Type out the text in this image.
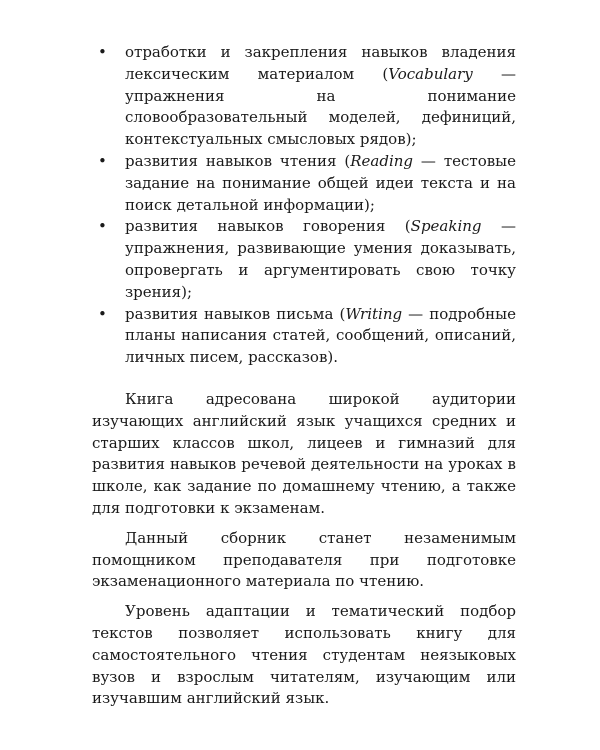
• отработки и закрепления навыков владения лексическим материалом (Vocabulary — упражнения на понимание словообразовательный моделей, дефиниций, контекстуальных смысловых рядов);
• развития навыков чтения (Reading — тестовые задание на понимание общей идеи текста и на поиск детальной информации);
• развития навыков говорения (Speaking — упражнения, развивающие умения доказывать, опровергать и аргументировать свою точку зрения);
• развития навыков письма (Writing — подробные планы написания статей, сообщений, описаний, личных писем, рассказов).

Книга адресована широкой аудитории изучающих английский язык учащихся средних и старших классов школ, лицеев и гимназий для развития навыков речевой деятельности на уроках в школе, как задание по домашнему чтению, а также для подготовки к экзаменам.

Данный сборник станет незаменимым помощником преподавателя при подготовке экзаменационного материала по чтению.

Уровень адаптации и тематический подбор текстов позволяет использовать книгу для самостоятельного чтения студентам неязыковых вузов и взрослым читателям, изучающим или изучавшим английский язык.
